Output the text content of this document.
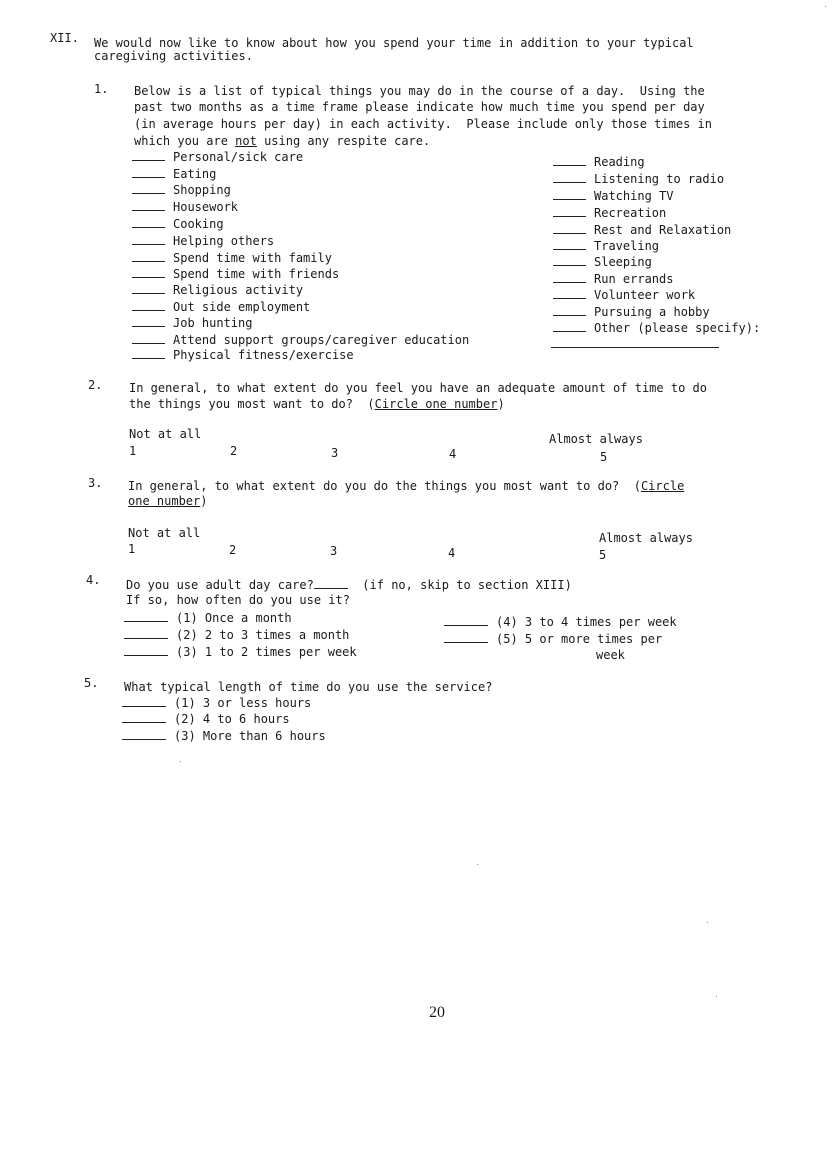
XII. We would now like to know about how you spend your time in addition to your typical
caregiving activities.
1. Below is a list of typical things you may do in the course of a day.  Using the
past two months as a time frame please indicate how much time you spend per day
(in average hours per day) in each activity.  Please include only those times in
which you are not using any respite care.
Personal/sick care
Eating
Shopping
Housework
Cooking
Helping others
Spend time with family
Spend time with friends
Religious activity
Out side employment
Job hunting
Attend support groups/caregiver education
Physical fitness/exercise
Reading
Listening to radio
Watching TV
Recreation
Rest and Relaxation
Traveling
Sleeping
Run errands
Volunteer work
Pursuing a hobby
Other (please specify):
2. In general, to what extent do you feel you have an adequate amount of time to do
the things you most want to do?  (Circle one number)
Not at all	Almost always
1	2	3	4	5
3. In general, to what extent do you do the things you most want to do?  (Circle
one number)
Not at all	Almost always
1	2	3	4	5
4. Do you use adult day care?	(if no, skip to section XIII)
If so, how often do you use it?
(1) Once a month
(2) 2 to 3 times a month
(3) 1 to 2 times per week
(4) 3 to 4 times per week
(5) 5 or more times per
week
5. What typical length of time do you use the service?
(1) 3 or less hours
(2) 4 to 6 hours
(3) More than 6 hours
20
